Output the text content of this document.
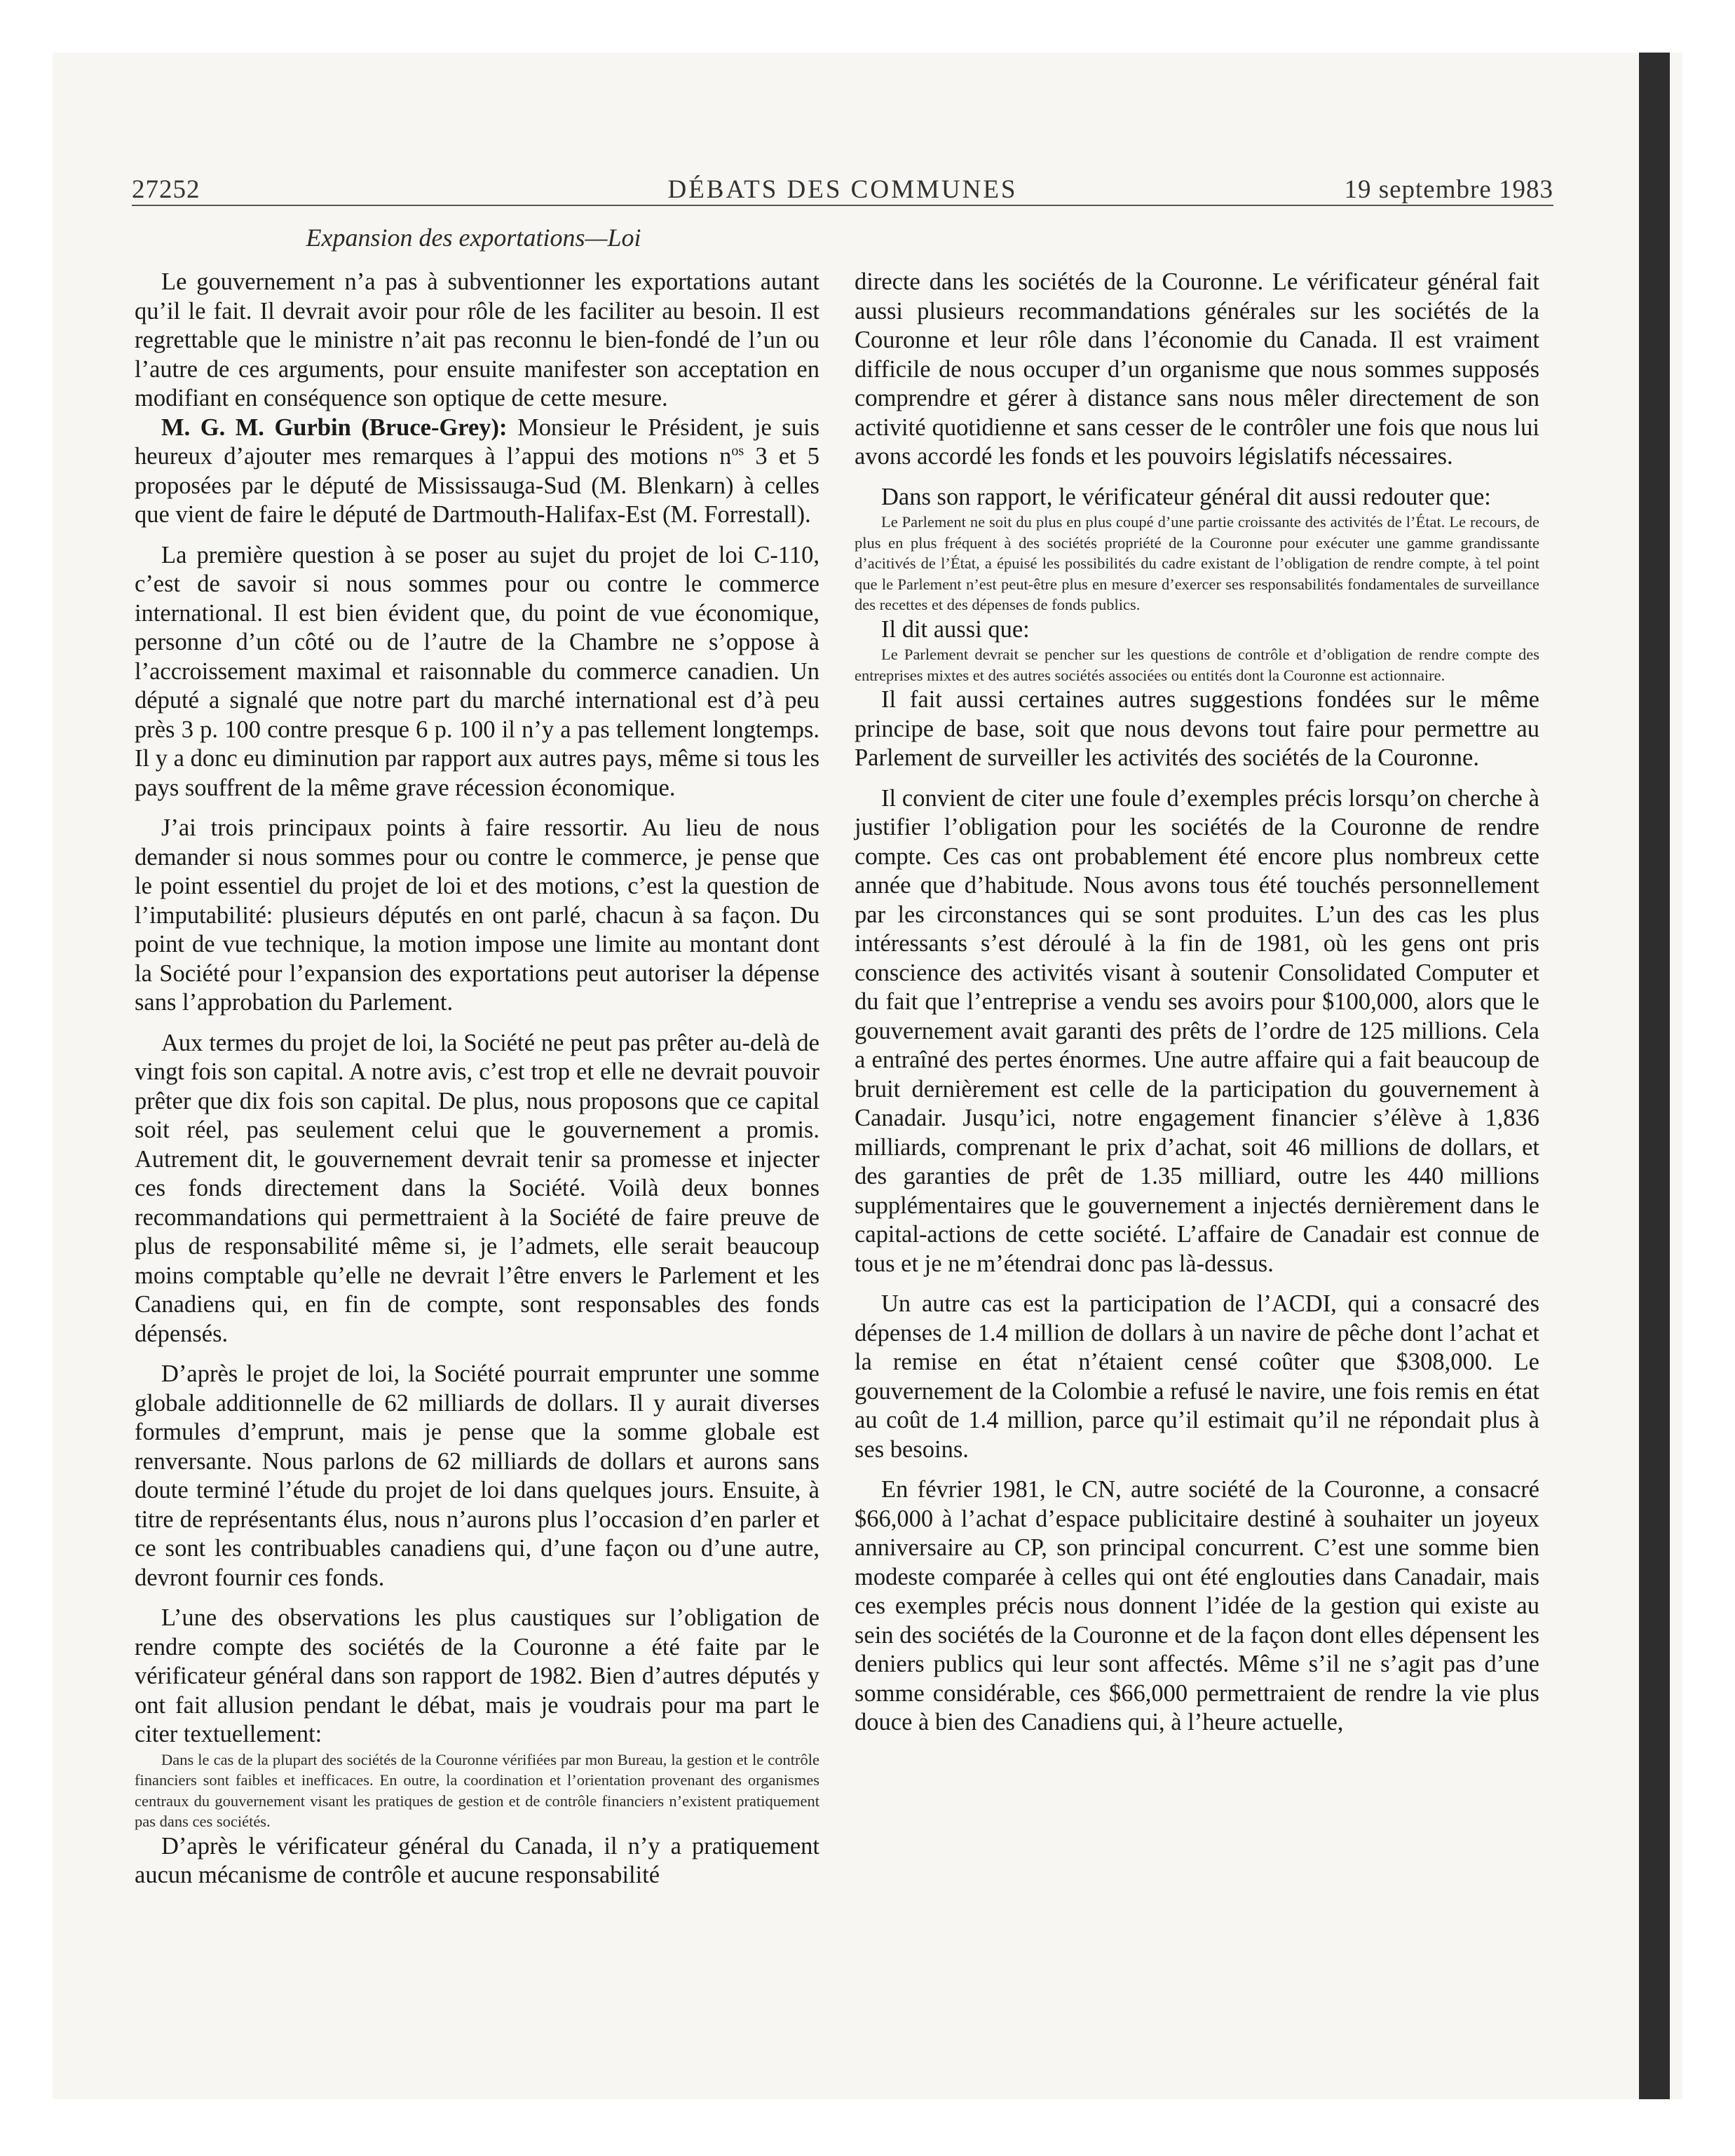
27252	DÉBATS DES COMMUNES	19 septembre 1983
Expansion des exportations—Loi

Le gouvernement n’a pas à subventionner les exportations autant qu’il le fait. Il devrait avoir pour rôle de les faciliter au besoin. Il est regrettable que le ministre n’ait pas reconnu le bien-fondé de l’un ou l’autre de ces arguments, pour ensuite manifester son acceptation en modifiant en conséquence son optique de cette mesure.

M. G. M. Gurbin (Bruce-Grey): Monsieur le Président, je suis heureux d’ajouter mes remarques à l’appui des motions $n^{os}$ 3 et 5 proposées par le député de Mississauga-Sud (M. Blenkarn) à celles que vient de faire le député de Dartmouth-Halifax-Est (M. Forrestall).

La première question à se poser au sujet du projet de loi C-110, c’est de savoir si nous sommes pour ou contre le commerce international. Il est bien évident que, du point de vue économique, personne d’un côté ou de l’autre de la Chambre ne s’oppose à l’accroissement maximal et raisonnable du commerce canadien. Un député a signalé que notre part du marché international est d’à peu près 3 p. 100 contre presque 6 p. 100 il n’y a pas tellement longtemps. Il y a donc eu diminution par rapport aux autres pays, même si tous les pays souffrent de la même grave récession économique.

J’ai trois principaux points à faire ressortir. Au lieu de nous demander si nous sommes pour ou contre le commerce, je pense que le point essentiel du projet de loi et des motions, c’est la question de l’imputabilité: plusieurs députés en ont parlé, chacun à sa façon. Du point de vue technique, la motion impose une limite au montant dont la Société pour l’expansion des exportations peut autoriser la dépense sans l’approbation du Parlement.

Aux termes du projet de loi, la Société ne peut pas prêter au-delà de vingt fois son capital. A notre avis, c’est trop et elle ne devrait pouvoir prêter que dix fois son capital. De plus, nous proposons que ce capital soit réel, pas seulement celui que le gouvernement a promis. Autrement dit, le gouvernement devrait tenir sa promesse et injecter ces fonds directement dans la Société. Voilà deux bonnes recommandations qui permettraient à la Société de faire preuve de plus de responsabilité même si, je l’admets, elle serait beaucoup moins comptable qu’elle ne devrait l’être envers le Parlement et les Canadiens qui, en fin de compte, sont responsables des fonds dépensés.

D’après le projet de loi, la Société pourrait emprunter une somme globale additionnelle de 62 milliards de dollars. Il y aurait diverses formules d’emprunt, mais je pense que la somme globale est renversante. Nous parlons de 62 milliards de dollars et aurons sans doute terminé l’étude du projet de loi dans quelques jours. Ensuite, à titre de représentants élus, nous n’aurons plus l’occasion d’en parler et ce sont les contribuables canadiens qui, d’une façon ou d’une autre, devront fournir ces fonds.

L’une des observations les plus caustiques sur l’obligation de rendre compte des sociétés de la Couronne a été faite par le vérificateur général dans son rapport de 1982. Bien d’autres députés y ont fait allusion pendant le débat, mais je voudrais pour ma part le citer textuellement:

Dans le cas de la plupart des sociétés de la Couronne vérifiées par mon Bureau, la gestion et le contrôle financiers sont faibles et inefficaces. En outre, la coordination et l’orientation provenant des organismes centraux du gouvernement visant les pratiques de gestion et de contrôle financiers n’existent pratiquement pas dans ces sociétés.

D’après le vérificateur général du Canada, il n’y a pratiquement aucun mécanisme de contrôle et aucune responsabilité

directe dans les sociétés de la Couronne. Le vérificateur général fait aussi plusieurs recommandations générales sur les sociétés de la Couronne et leur rôle dans l’économie du Canada. Il est vraiment difficile de nous occuper d’un organisme que nous sommes supposés comprendre et gérer à distance sans nous mêler directement de son activité quotidienne et sans cesser de le contrôler une fois que nous lui avons accordé les fonds et les pouvoirs législatifs nécessaires.

Dans son rapport, le vérificateur général dit aussi redouter que:

Le Parlement ne soit du plus en plus coupé d’une partie croissante des activités de l’État. Le recours, de plus en plus fréquent à des sociétés propriété de la Couronne pour exécuter une gamme grandissante d’acitivés de l’État, a épuisé les possibilités du cadre existant de l’obligation de rendre compte, à tel point que le Parlement n’est peut-être plus en mesure d’exercer ses responsabilités fondamentales de surveillance des recettes et des dépenses de fonds publics.

Il dit aussi que:

Le Parlement devrait se pencher sur les questions de contrôle et d’obligation de rendre compte des entreprises mixtes et des autres sociétés associées ou entités dont la Couronne est actionnaire.

Il fait aussi certaines autres suggestions fondées sur le même principe de base, soit que nous devons tout faire pour permettre au Parlement de surveiller les activités des sociétés de la Couronne.

Il convient de citer une foule d’exemples précis lorsqu’on cherche à justifier l’obligation pour les sociétés de la Couronne de rendre compte. Ces cas ont probablement été encore plus nombreux cette année que d’habitude. Nous avons tous été touchés personnellement par les circonstances qui se sont produites. L’un des cas les plus intéressants s’est déroulé à la fin de 1981, où les gens ont pris conscience des activités visant à soutenir Consolidated Computer et du fait que l’entreprise a vendu ses avoirs pour $100,000, alors que le gouvernement avait garanti des prêts de l’ordre de 125 millions. Cela a entraîné des pertes énormes. Une autre affaire qui a fait beaucoup de bruit dernièrement est celle de la participation du gouvernement à Canadair. Jusqu’ici, notre engagement financier s’élève à 1,836 milliards, comprenant le prix d’achat, soit 46 millions de dollars, et des garanties de prêt de 1.35 milliard, outre les 440 millions supplémentaires que le gouvernement a injectés dernièrement dans le capital-actions de cette société. L’affaire de Canadair est connue de tous et je ne m’étendrai donc pas là-dessus.

Un autre cas est la participation de l’ACDI, qui a consacré des dépenses de 1.4 million de dollars à un navire de pêche dont l’achat et la remise en état n’étaient censé coûter que $308,000. Le gouvernement de la Colombie a refusé le navire, une fois remis en état au coût de 1.4 million, parce qu’il estimait qu’il ne répondait plus à ses besoins.

En février 1981, le CN, autre société de la Couronne, a consacré $66,000 à l’achat d’espace publicitaire destiné à souhaiter un joyeux anniversaire au CP, son principal concurrent. C’est une somme bien modeste comparée à celles qui ont été englouties dans Canadair, mais ces exemples précis nous donnent l’idée de la gestion qui existe au sein des sociétés de la Couronne et de la façon dont elles dépensent les deniers publics qui leur sont affectés. Même s’il ne s’agit pas d’une somme considérable, ces $66,000 permettraient de rendre la vie plus douce à bien des Canadiens qui, à l’heure actuelle,
